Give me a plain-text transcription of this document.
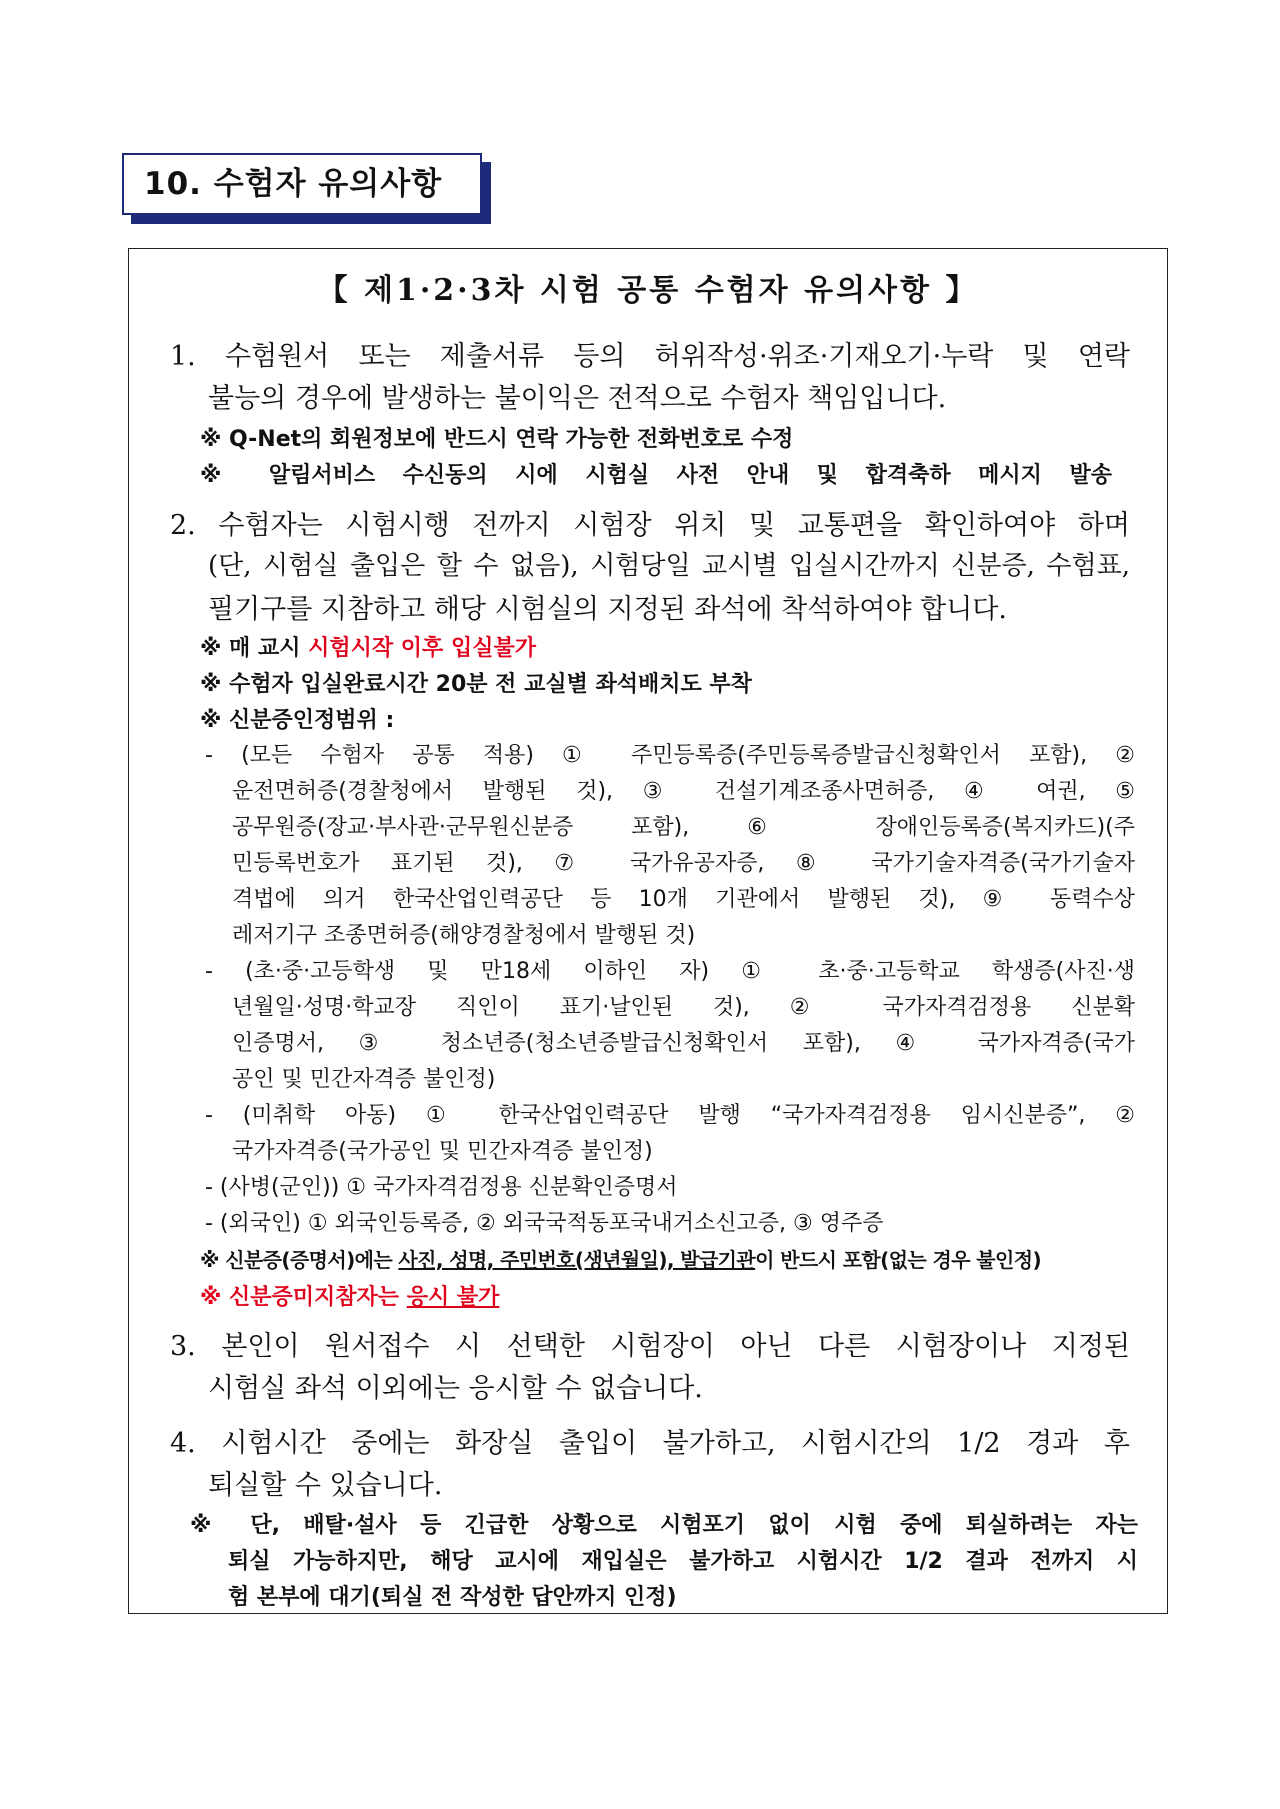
10. 수험자 유의사항
【 제1·2·3차 시험 공통 수험자 유의사항 】
1. 수험원서 또는 제출서류 등의 허위작성·위조·기재오기·누락 및 연락
불능의 경우에 발생하는 불이익은 전적으로 수험자 책임입니다.
※ Q-Net의 회원정보에 반드시 연락 가능한 전화번호로 수정
※ 알림서비스 수신동의 시에 시험실 사전 안내 및 합격축하 메시지 발송
2. 수험자는 시험시행 전까지 시험장 위치 및 교통편을 확인하여야 하며
(단, 시험실 출입은 할 수 없음), 시험당일 교시별 입실시간까지 신분증, 수험표,
필기구를 지참하고 해당 시험실의 지정된 좌석에 착석하여야 합니다.
※ 매 교시 시험시작 이후 입실불가
※ 수험자 입실완료시간 20분 전 교실별 좌석배치도 부착
※ 신분증인정범위 :
- (모든 수험자 공통 적용) ① 주민등록증(주민등록증발급신청확인서 포함), ②
운전면허증(경찰청에서 발행된 것), ③ 건설기계조종사면허증, ④ 여권, ⑤
공무원증(장교·부사관·군무원신분증 포함), ⑥ 장애인등록증(복지카드)(주
민등록번호가 표기된 것), ⑦ 국가유공자증, ⑧ 국가기술자격증(국가기술자
격법에 의거 한국산업인력공단 등 10개 기관에서 발행된 것), ⑨ 동력수상
레저기구 조종면허증(해양경찰청에서 발행된 것)
- (초·중·고등학생 및 만18세 이하인 자) ① 초·중·고등학교 학생증(사진·생
년월일·성명·학교장 직인이 표기·날인된 것), ② 국가자격검정용 신분확
인증명서, ③ 청소년증(청소년증발급신청확인서 포함), ④ 국가자격증(국가
공인 및 민간자격증 불인정)
- (미취학 아동) ① 한국산업인력공단 발행 “국가자격검정용 임시신분증”, ②
국가자격증(국가공인 및 민간자격증 불인정)
- (사병(군인)) ① 국가자격검정용 신분확인증명서
- (외국인) ① 외국인등록증, ② 외국국적동포국내거소신고증, ③ 영주증
※ 신분증(증명서)에는 사진, 성명, 주민번호(생년월일), 발급기관이 반드시 포함(없는 경우 불인정)
※ 신분증미지참자는 응시 불가
3. 본인이 원서접수 시 선택한 시험장이 아닌 다른 시험장이나 지정된
시험실 좌석 이외에는 응시할 수 없습니다.
4. 시험시간 중에는 화장실 출입이 불가하고, 시험시간의 1/2 경과 후
퇴실할 수 있습니다.
※ 단, 배탈·설사 등 긴급한 상황으로 시험포기 없이 시험 중에 퇴실하려는 자는
퇴실 가능하지만, 해당 교시에 재입실은 불가하고 시험시간 1/2 결과 전까지 시
험 본부에 대기(퇴실 전 작성한 답안까지 인정)
